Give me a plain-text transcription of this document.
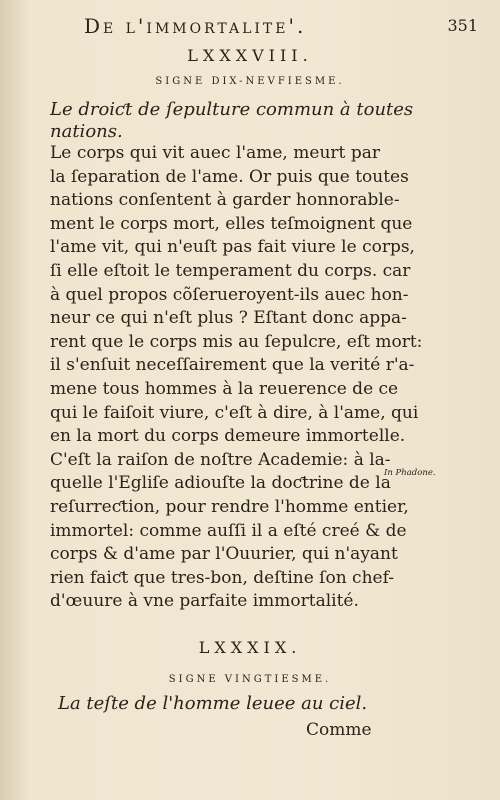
De l'immortalite'.	351
LXXXVIII.
SIGNE DIX-NEVFIESME.
Le droiƈt de ſepulture commun à toutes
nations.
Le corps qui vit auec l'ame, meurt par
la ſeparation de l'ame. Or puis que toutes
nations conſentent à garder honnorable-
ment le corps mort, elles teſmoignent que
l'ame vit, qui n'euſt pas fait viure le corps,
ſi elle eſtoit le temperament du corps. car
à quel propos cõſerueroyent-ils auec hon-
neur ce qui n'eſt plus ? Eſtant donc appa-
rent que le corps mis au ſepulcre, eſt mort:
il s'enſuit neceſſairement que la verité r'a-
mene tous hommes à la reuerence de ce
qui le faiſoit viure, c'eſt à dire, à l'ame, qui
en la mort du corps demeure immortelle.
C'eſt la raiſon de noſtre Academie: à la-
quelle l'Egliſe adiouſte la doƈtrine de la
reſurreƈtion, pour rendre l'homme entier,
immortel: comme auſſi il a eſté creé & de
corps & d'ame par l'Ouurier, qui n'ayant
rien faiƈt que tres-bon, deſtine ſon chef-
d'œuure à vne parfaite immortalité.
In Phadone.
LXXXIX.
SIGNE VINGTIESME.
La teſte de l'homme leuee au ciel.
Comme
